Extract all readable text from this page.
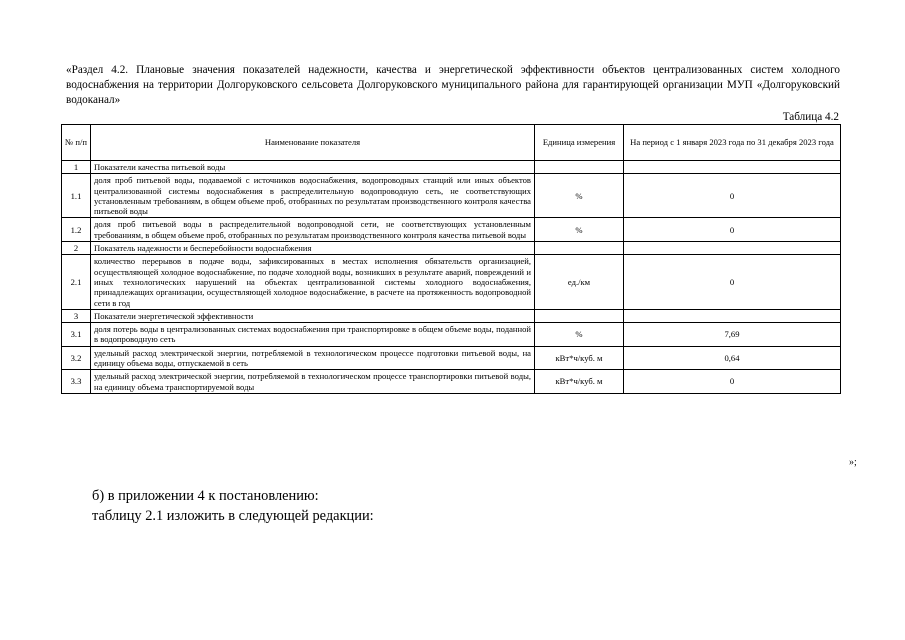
«Раздел 4.2. Плановые значения показателей надежности, качества и энергетической эффективности объектов централизованных систем холодного водоснабжения на территории Долгоруковского сельсовета Долгоруковского муниципального района для гарантирующей организации МУП «Долгоруковский водоканал»

Таблица 4.2
№ п/п	Наименование показателя	Единица измерения	На период с 1 января 2023 года по 31 декабря 2023 года
1	Показатели качества питьевой воды		
1.1	доля проб питьевой воды, подаваемой с источников водоснабжения, водопроводных станций или иных объектов централизованной системы водоснабжения в распределительную водопроводную сеть, не соответствующих установленным требованиям, в общем объеме проб, отобранных по результатам производственного контроля качества питьевой воды	%	0
1.2	доля проб питьевой воды в распределительной водопроводной сети, не соответствующих установленным требованиям, в общем объеме проб, отобранных по результатам производственного контроля качества питьевой воды	%	0
2	Показатель надежности и бесперебойности водоснабжения		
2.1	количество перерывов в подаче воды, зафиксированных в местах исполнения обязательств организацией, осуществляющей холодное водоснабжение, по подаче холодной воды, возникших в результате аварий, повреждений и иных технологических нарушений на объектах централизованной системы холодного водоснабжения, принадлежащих организации, осуществляющей холодное водоснабжение, в расчете на протяженность водопроводной сети в год	ед./км	0
3	Показатели энергетической эффективности		
3.1	доля потерь воды в централизованных системах водоснабжения при транспортировке в общем объеме воды, поданной в водопроводную сеть	%	7,69
3.2	удельный расход электрической энергии, потребляемой в технологическом процессе подготовки питьевой воды, на единицу объема воды, отпускаемой в сеть	кВт*ч/куб. м	0,64
3.3	удельный расход электрической энергии, потребляемой в технологическом процессе транспортировки питьевой воды, на единицу объема транспортируемой воды	кВт*ч/куб. м	0
»;
б) в приложении 4 к постановлению:
таблицу 2.1 изложить в следующей редакции:
